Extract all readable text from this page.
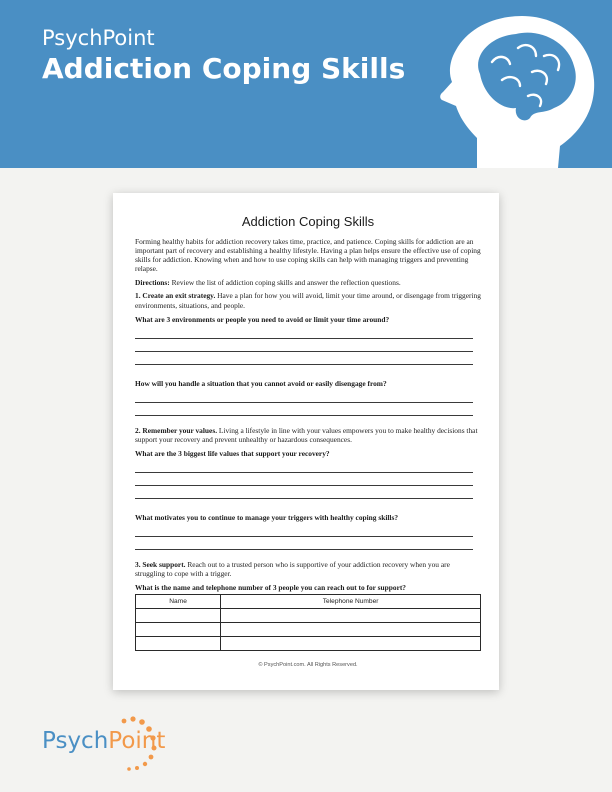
PsychPoint
Addiction Coping Skills
Addiction Coping Skills
Forming healthy habits for addiction recovery takes time, practice, and patience. Coping skills for addiction are an important part of recovery and establishing a healthy lifestyle. Having a plan helps ensure the effective use of coping skills for addiction. Knowing when and how to use coping skills can help with managing triggers and preventing relapse.
Directions: Review the list of addiction coping skills and answer the reflection questions.
1. Create an exit strategy. Have a plan for how you will avoid, limit your time around, or disengage from triggering environments, situations, and people.
What are 3 environments or people you need to avoid or limit your time around?
How will you handle a situation that you cannot avoid or easily disengage from?
2. Remember your values. Living a lifestyle in line with your values empowers you to make healthy decisions that support your recovery and prevent unhealthy or hazardous consequences.
What are the 3 biggest life values that support your recovery?
What motivates you to continue to manage your triggers with healthy coping skills?
3. Seek support. Reach out to a trusted person who is supportive of your addiction recovery when you are struggling to cope with a trigger.
What is the name and telephone number of 3 people you can reach out to for support?
Name	Telephone Number

© PsychPoint.com. All Rights Reserved.
PsychPoint
